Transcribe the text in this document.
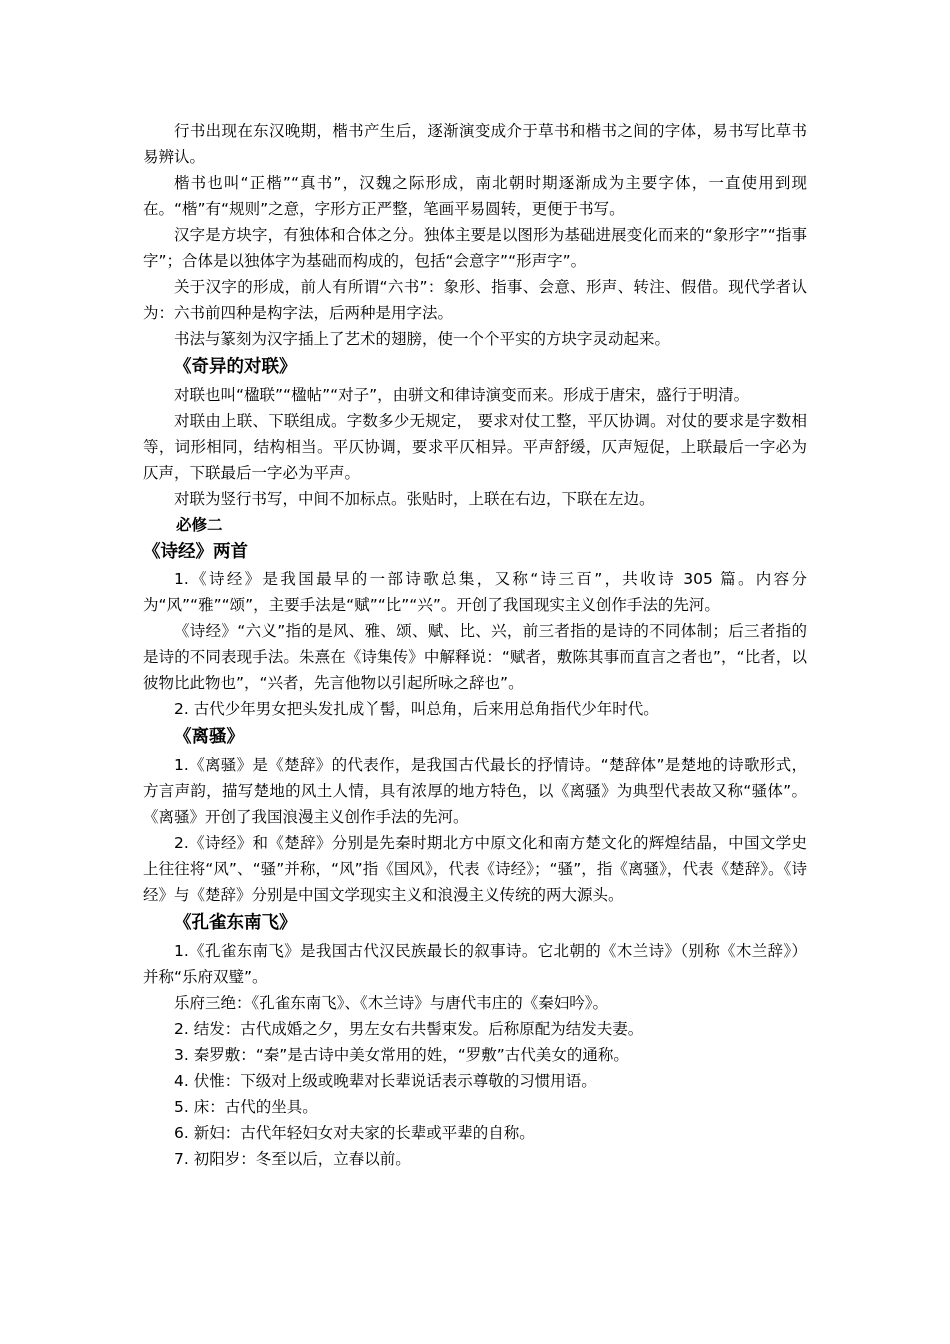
行书出现在东汉晚期，楷书产生后，逐渐演变成介于草书和楷书之间的字体，易书写比草书易辨认。

楷书也叫“正楷”“真书”，汉魏之际形成，南北朝时期逐渐成为主要字体，一直使用到现在。“楷”有“规则”之意，字形方正严整，笔画平易圆转，更便于书写。

汉字是方块字，有独体和合体之分。独体主要是以图形为基础进展变化而来的“象形字”“指事字”；合体是以独体字为基础而构成的，包括“会意字”“形声字”。

关于汉字的形成，前人有所谓“六书”：象形、指事、会意、形声、转注、假借。现代学者认为：六书前四种是构字法，后两种是用字法。

书法与篆刻为汉字插上了艺术的翅膀，使一个个平实的方块字灵动起来。

《奇异的对联》

对联也叫“楹联”“楹帖”“对子”，由骈文和律诗演变而来。形成于唐宋，盛行于明清。

对联由上联、下联组成。字数多少无规定， 要求对仗工整，平仄协调。对仗的要求是字数相等，词形相同，结构相当。平仄协调，要求平仄相异。平声舒缓，仄声短促，上联最后一字必为仄声，下联最后一字必为平声。

对联为竖行书写，中间不加标点。张贴时，上联在右边，下联在左边。

必修二
《诗经》两首

1.《诗经》是我国最早的一部诗歌总集，又称“诗三百”，共收诗 305 篇。内容分为“风”“雅”“颂”，主要手法是“赋”“比”“兴”。开创了我国现实主义创作手法的先河。

《诗经》“六义”指的是风、雅、颂、赋、比、兴，前三者指的是诗的不同体制；后三者指的是诗的不同表现手法。朱熹在《诗集传》中解释说：“赋者，敷陈其事而直言之者也”，“比者，以彼物比此物也”，“兴者，先言他物以引起所咏之辞也”。

2. 古代少年男女把头发扎成丫髻，叫总角，后来用总角指代少年时代。

《离骚》

1.《离骚》是《楚辞》的代表作，是我国古代最长的抒情诗。“楚辞体”是楚地的诗歌形式，方言声韵，描写楚地的风土人情，具有浓厚的地方特色，以《离骚》为典型代表故又称“骚体”。《离骚》开创了我国浪漫主义创作手法的先河。

2.《诗经》和《楚辞》分别是先秦时期北方中原文化和南方楚文化的辉煌结晶，中国文学史上往往将“风”、“骚”并称，“风”指《国风》，代表《诗经》；“骚”，指《离骚》，代表《楚辞》。《诗经》与《楚辞》分别是中国文学现实主义和浪漫主义传统的两大源头。

《孔雀东南飞》

1.《孔雀东南飞》是我国古代汉民族最长的叙事诗。它北朝的《木兰诗》（别称《木兰辞》）并称“乐府双璧”。

乐府三绝：《孔雀东南飞》、《木兰诗》与唐代韦庄的《秦妇吟》。

2. 结发：古代成婚之夕，男左女右共髻束发。后称原配为结发夫妻。

3. 秦罗敷：“秦”是古诗中美女常用的姓，“罗敷”古代美女的通称。

4. 伏惟：下级对上级或晚辈对长辈说话表示尊敬的习惯用语。

5. 床：古代的坐具。

6. 新妇：古代年轻妇女对夫家的长辈或平辈的自称。

7. 初阳岁：冬至以后，立春以前。
